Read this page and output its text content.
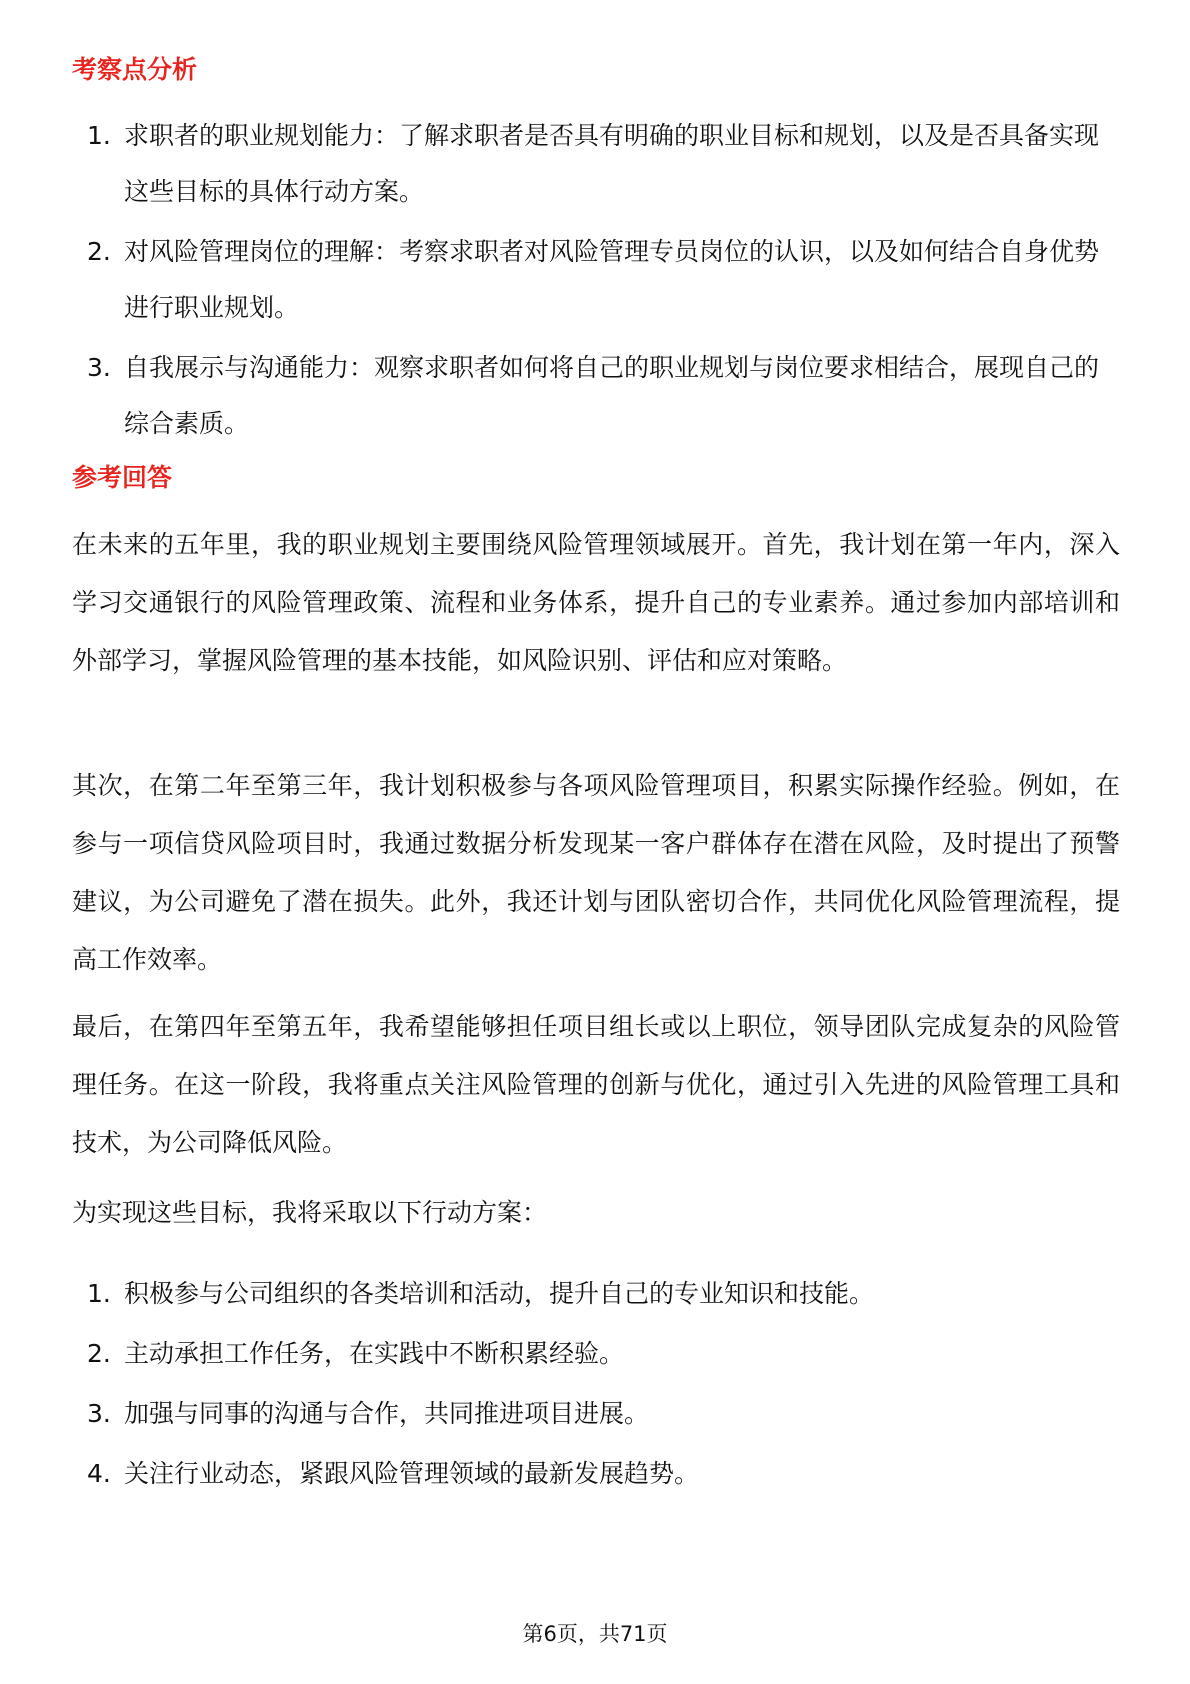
考察点分析
1. 求职者的职业规划能力：了解求职者是否具有明确的职业目标和规划，以及是否具备实现这些目标的具体行动方案。
2. 对风险管理岗位的理解：考察求职者对风险管理专员岗位的认识，以及如何结合自身优势进行职业规划。
3. 自我展示与沟通能力：观察求职者如何将自己的职业规划与岗位要求相结合，展现自己的综合素质。
参考回答

在未来的五年里，我的职业规划主要围绕风险管理领域展开。首先，我计划在第一年内，深入学习交通银行的风险管理政策、流程和业务体系，提升自己的专业素养。通过参加内部培训和外部学习，掌握风险管理的基本技能，如风险识别、评估和应对策略。

其次，在第二年至第三年，我计划积极参与各项风险管理项目，积累实际操作经验。例如，在参与一项信贷风险项目时，我通过数据分析发现某一客户群体存在潜在风险，及时提出了预警建议，为公司避免了潜在损失。此外，我还计划与团队密切合作，共同优化风险管理流程，提高工作效率。

最后，在第四年至第五年，我希望能够担任项目组长或以上职位，领导团队完成复杂的风险管理任务。在这一阶段，我将重点关注风险管理的创新与优化，通过引入先进的风险管理工具和技术，为公司降低风险。

为实现这些目标，我将采取以下行动方案：

1. 积极参与公司组织的各类培训和活动，提升自己的专业知识和技能。
2. 主动承担工作任务，在实践中不断积累经验。
3. 加强与同事的沟通与合作，共同推进项目进展。
4. 关注行业动态，紧跟风险管理领域的最新发展趋势。
第6页，共71页
